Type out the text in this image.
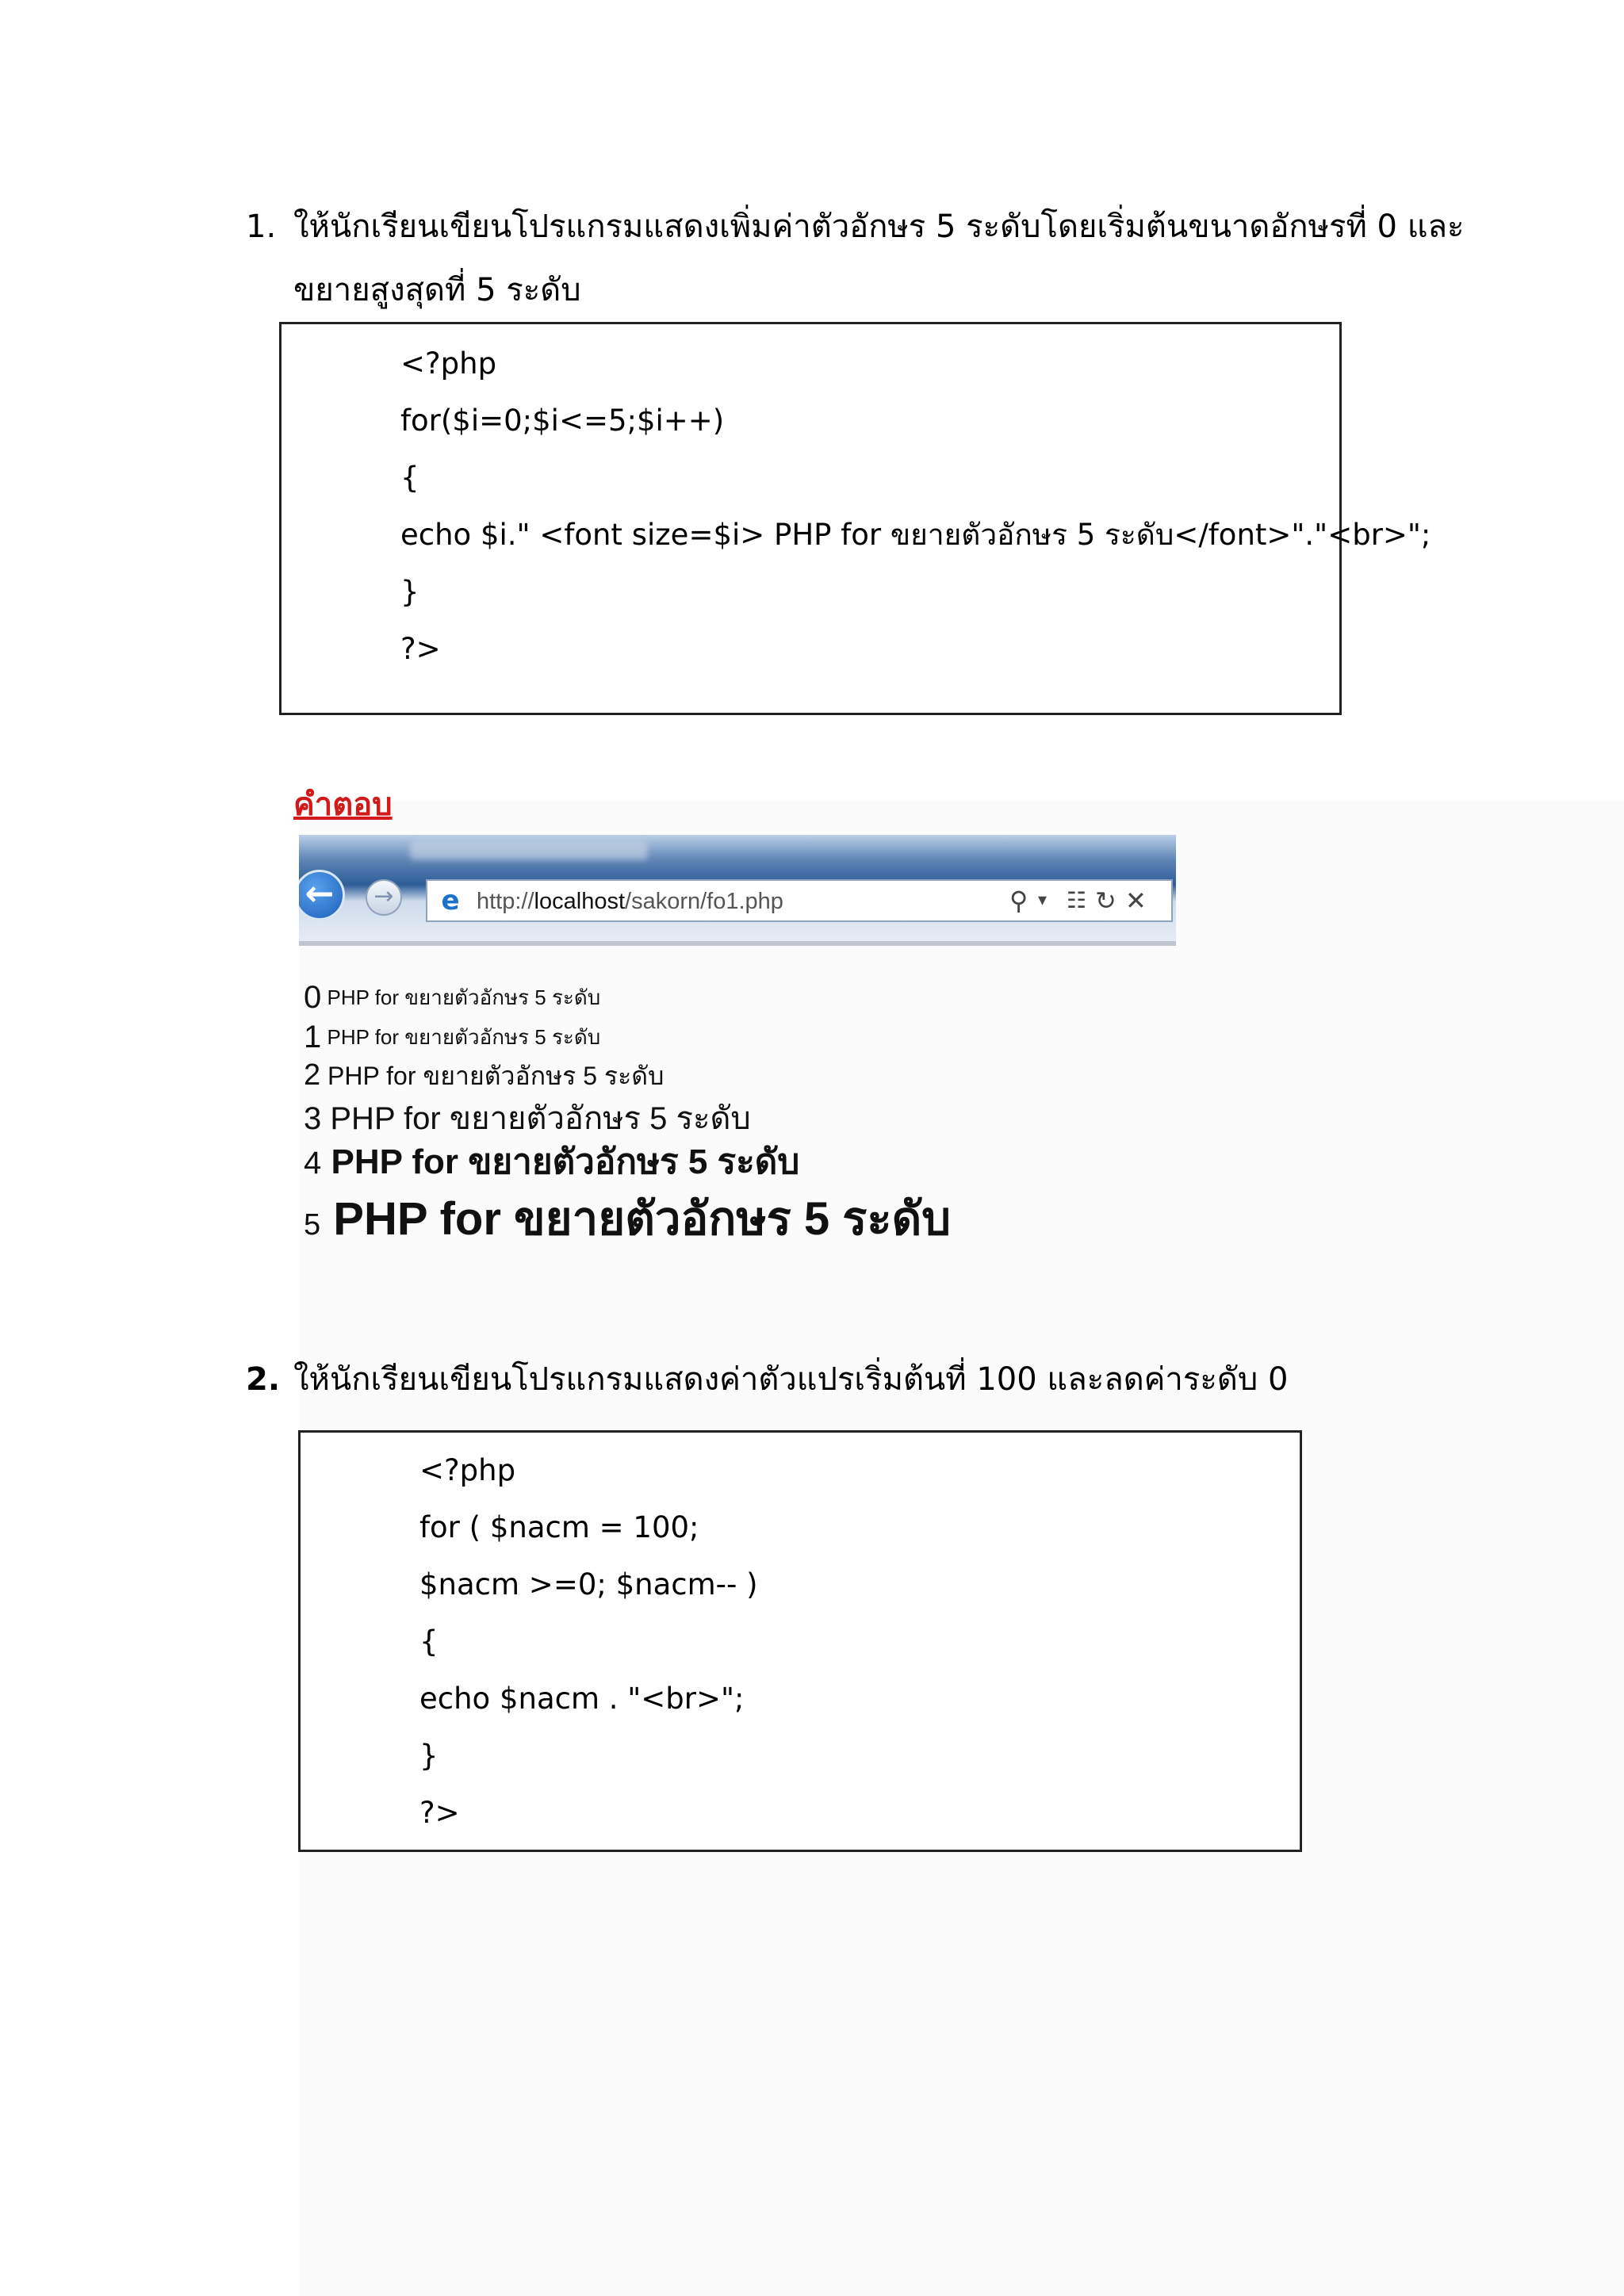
1. ให้นักเรียนเขียนโปรแกรมแสดงเพิ่มค่าตัวอักษร 5 ระดับโดยเริ่มต้นขนาดอักษรที่ 0 และ
ขยายสูงสุดที่ 5 ระดับ
<?php
for($i=0;$i<=5;$i++)
{
echo $i." <font size=$i> PHP for ขยายตัวอักษร 5 ระดับ</font>"."<br>";
}
?>
คำตอบ
←	→	e http://localhost/sakorn/fo1.php	⚲ ▾ ☷ ↻ ✕
0 PHP for ขยายตัวอักษร 5 ระดับ
1 PHP for ขยายตัวอักษร 5 ระดับ
2 PHP for ขยายตัวอักษร 5 ระดับ
3 PHP for ขยายตัวอักษร 5 ระดับ
4 PHP for ขยายตัวอักษร 5 ระดับ
5 PHP for ขยายตัวอักษร 5 ระดับ
2. ให้นักเรียนเขียนโปรแกรมแสดงค่าตัวแปรเริ่มต้นที่ 100 และลดค่าระดับ 0
<?php
for ( $nacm = 100;
$nacm >=0; $nacm-- )
{
echo $nacm . "<br>";
}
?>
